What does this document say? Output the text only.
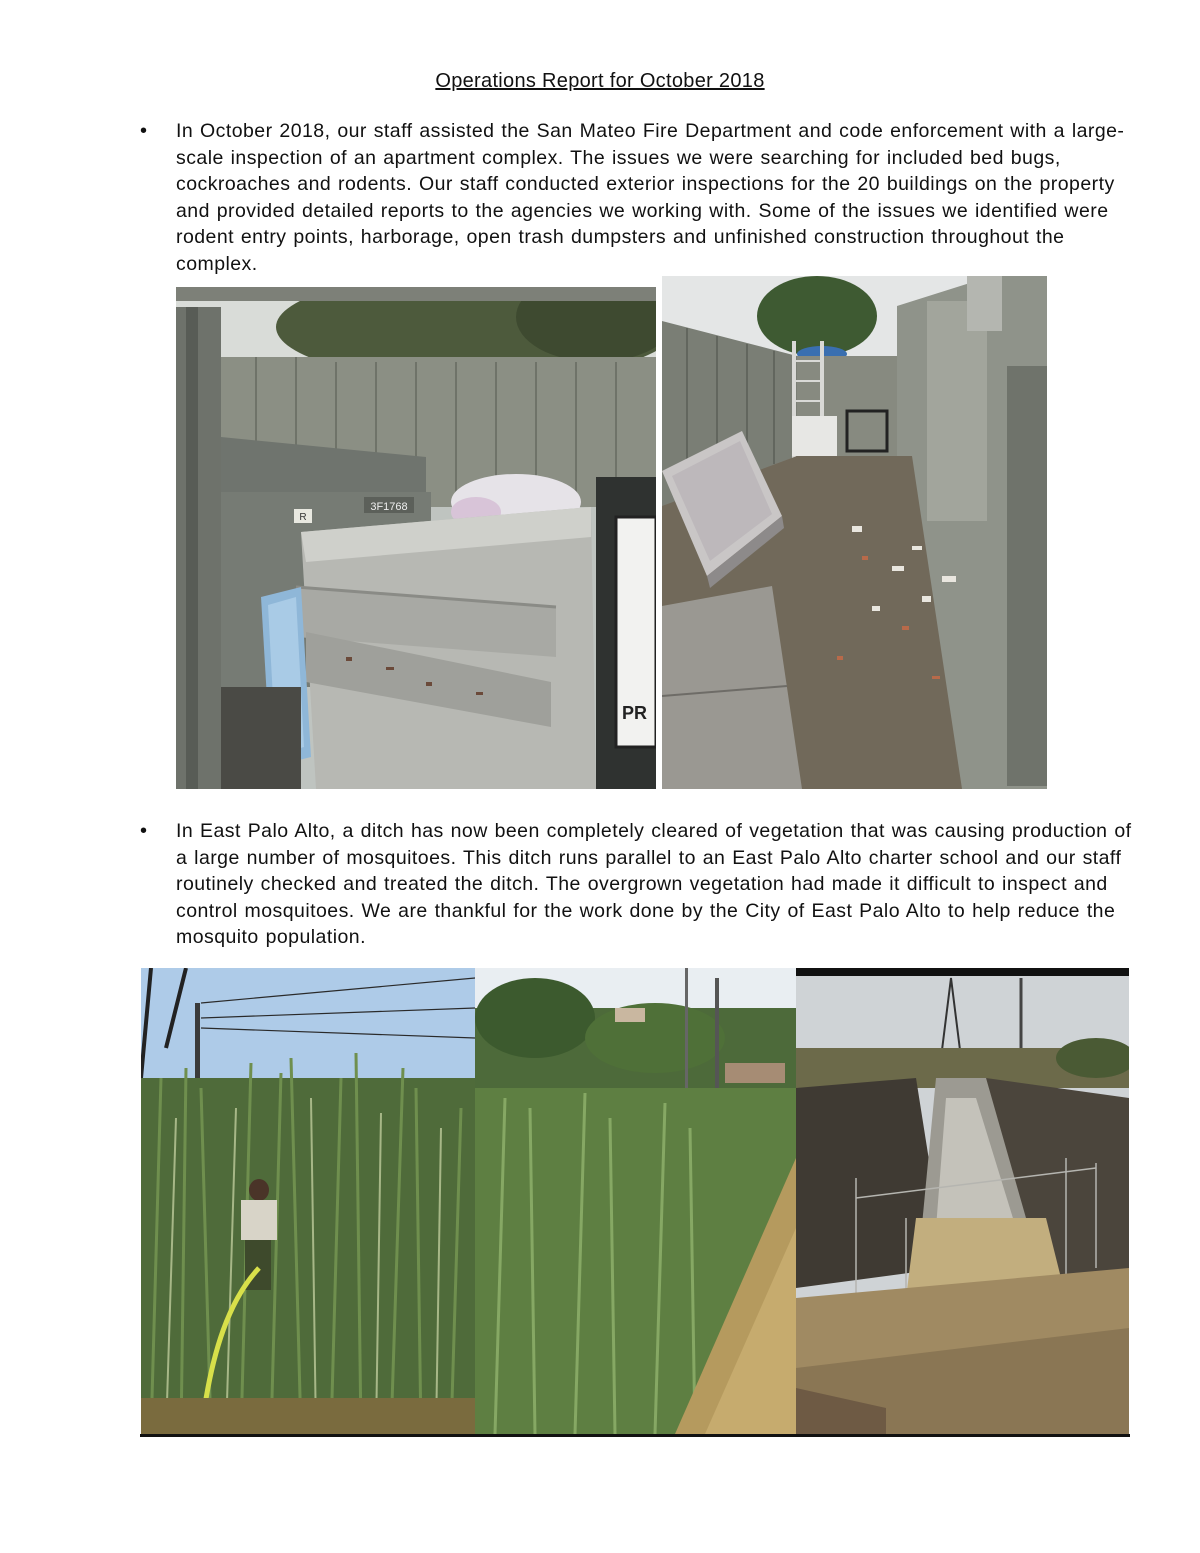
Operations Report for October 2018
• In October 2018, our staff assisted the San Mateo Fire Department and code enforcement with a large-scale inspection of an apartment complex. The issues we were searching for included bed bugs, cockroaches and rodents. Our staff conducted exterior inspections for the 20 buildings on the property and provided detailed reports to the agencies we working with. Some of the issues we identified were rodent entry points, harborage, open trash dumpsters and unfinished construction throughout the complex.
R
3F1768
PR
• In East Palo Alto, a ditch has now been completely cleared of vegetation that was causing production of a large number of mosquitoes. This ditch runs parallel to an East Palo Alto charter school and our staff routinely checked and treated the ditch. The overgrown vegetation had made it difficult to inspect and control mosquitoes. We are thankful for the work done by the City of East Palo Alto to help reduce the mosquito population.
